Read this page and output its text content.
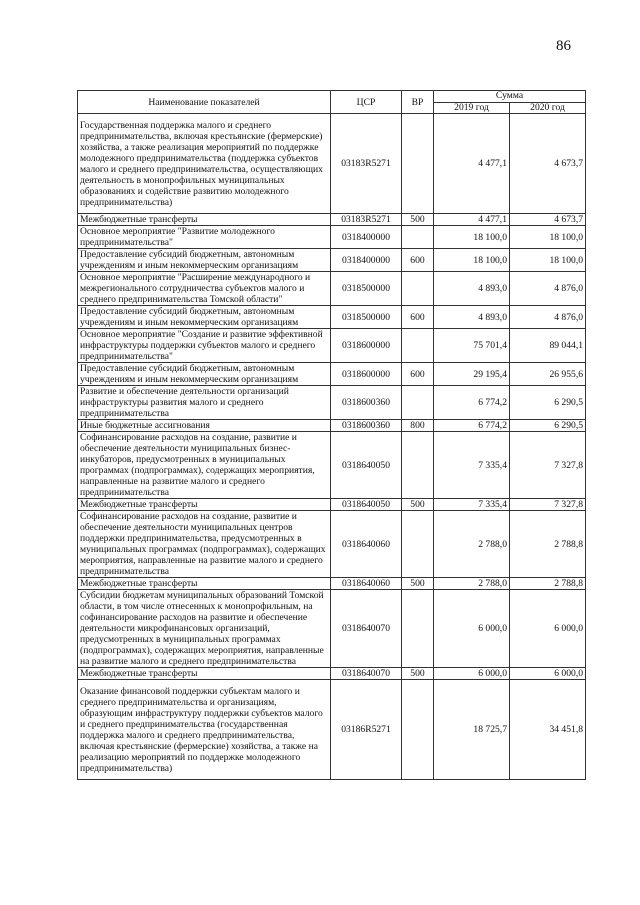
86
Наименование показателей	ЦСР	ВР	Сумма	
			2019 год	2020 год
Государственная поддержка малого и среднего предпринимательства, включая крестьянские (фермерские) хозяйства, а также реализация мероприятий по поддержке молодежного предпринимательства (поддержка субъектов малого и среднего предпринимательства, осуществляющих деятельность в монопрофильных муниципальных образованиях и содействие развитию молодежного предпринимательства)	03183R5271		4 477,1	4 673,7
Межбюджетные трансферты	03183R5271	500	4 477,1	4 673,7
Основное мероприятие "Развитие молодежного предпринимательства"	0318400000		18 100,0	18 100,0
Предоставление субсидий бюджетным, автономным учреждениям и иным некоммерческим организациям	0318400000	600	18 100,0	18 100,0
Основное мероприятие "Расширение международного и межрегионального сотрудничества субъектов малого и среднего предпринимательства Томской области"	0318500000		4 893,0	4 876,0
Предоставление субсидий бюджетным, автономным учреждениям и иным некоммерческим организациям	0318500000	600	4 893,0	4 876,0
Основное мероприятие "Создание и развитие эффективной инфраструктуры поддержки субъектов малого и среднего предпринимательства"	0318600000		75 701,4	89 044,1
Предоставление субсидий бюджетным, автономным учреждениям и иным некоммерческим организациям	0318600000	600	29 195,4	26 955,6
Развитие и обеспечение деятельности организаций инфраструктуры развития малого и среднего предпринимательства	0318600360		6 774,2	6 290,5
Иные бюджетные ассигнования	0318600360	800	6 774,2	6 290,5
Софинансирование расходов на создание, развитие и обеспечение деятельности муниципальных бизнес-инкубаторов, предусмотренных в муниципальных программах (подпрограммах), содержащих мероприятия, направленные на развитие малого и среднего предпринимательства	0318640050		7 335,4	7 327,8
Межбюджетные трансферты	0318640050	500	7 335,4	7 327,8
Софинансирование расходов на создание, развитие и обеспечение деятельности муниципальных центров поддержки предпринимательства, предусмотренных в муниципальных программах (подпрограммах), содержащих мероприятия, направленные на развитие малого и среднего предпринимательства	0318640060		2 788,0	2 788,8
Межбюджетные трансферты	0318640060	500	2 788,0	2 788,8
Субсидии бюджетам муниципальных образований Томской области, в том числе отнесенных к монопрофильным, на софинансирование расходов на развитие и обеспечение деятельности микрофинансовых организаций, предусмотренных в муниципальных программах (подпрограммах), содержащих мероприятия, направленные на развитие малого и среднего предпринимательства	0318640070		6 000,0	6 000,0
Межбюджетные трансферты	0318640070	500	6 000,0	6 000,0
Оказание финансовой поддержки субъектам малого и среднего предпринимательства и организациям, образующим инфраструктуру поддержки субъектов малого и среднего предпринимательства (государственная поддержка малого и среднего предпринимательства, включая крестьянские (фермерские) хозяйства, а также на реализацию мероприятий по поддержке молодежного предпринимательства)	03186R5271		18 725,7	34 451,8
